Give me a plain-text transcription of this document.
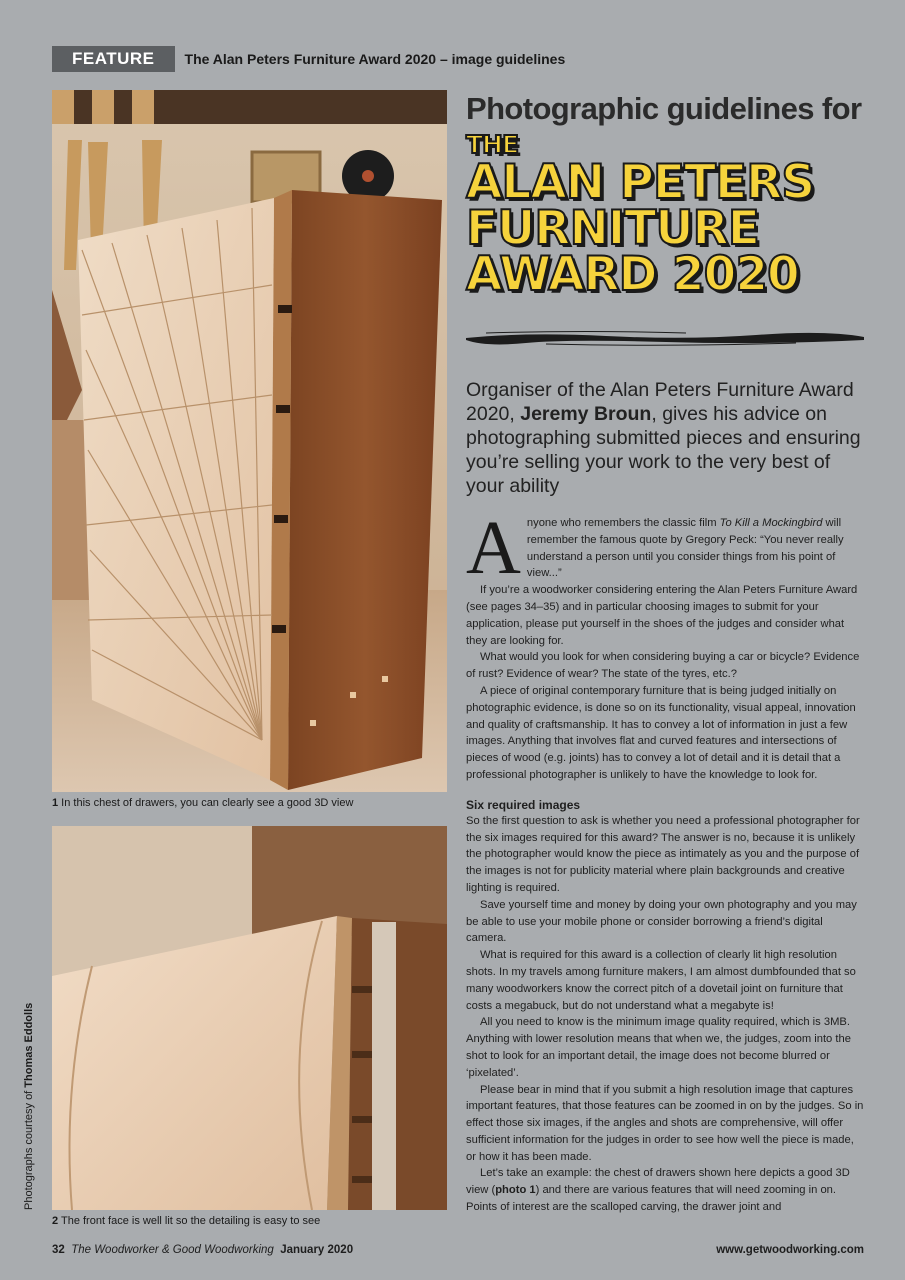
FEATURE	The Alan Peters Furniture Award 2020 – image guidelines
1 In this chest of drawers, you can clearly see a good 3D view
2 The front face is well lit so the detailing is easy to see
Photographs courtesy of Thomas Eddolls
Photographic guidelines for
THE
ALAN PETERS
FURNITURE
AWARD 2020
Organiser of the Alan Peters Furniture Award 2020, Jeremy Broun, gives his advice on photographing submitted pieces and ensuring you’re selling your work to the very best of your ability

Anyone who remembers the classic film To Kill a Mockingbird will remember the famous quote by Gregory Peck: “You never really understand a person until you consider things from his point of view...”

If you’re a woodworker considering entering the Alan Peters Furniture Award (see pages 34–35) and in particular choosing images to submit for your application, please put yourself in the shoes of the judges and consider what they are looking for.

What would you look for when considering buying a car or bicycle? Evidence of rust? Evidence of wear? The state of the tyres, etc.?

A piece of original contemporary furniture that is being judged initially on photographic evidence, is done so on its functionality, visual appeal, innovation and quality of craftsmanship. It has to convey a lot of information in just a few images. Anything that involves flat and curved features and intersections of pieces of wood (e.g. joints) has to convey a lot of detail and it is detail that a professional photographer is unlikely to have the knowledge to look for.

Six required images

So the first question to ask is whether you need a professional photographer for the six images required for this award? The answer is no, because it is unlikely the photographer would know the piece as intimately as you and the purpose of the images is not for publicity material where plain backgrounds and creative lighting is required.

Save yourself time and money by doing your own photography and you may be able to use your mobile phone or consider borrowing a friend’s digital camera.

What is required for this award is a collection of clearly lit high resolution shots. In my travels among furniture makers, I am almost dumbfounded that so many woodworkers know the correct pitch of a dovetail joint on furniture that costs a megabuck, but do not understand what a megabyte is!

All you need to know is the minimum image quality required, which is 3MB. Anything with lower resolution means that when we, the judges, zoom into the shot to look for an important detail, the image does not become blurred or ‘pixelated’.

Please bear in mind that if you submit a high resolution image that captures important features, that those features can be zoomed in on by the judges. So in effect those six images, if the angles and shots are comprehensive, will offer sufficient information for the judges in order to see how well the piece is made, or how it has been made.

Let’s take an example: the chest of drawers shown here depicts a good 3D view (photo 1) and there are various features that will need zooming in on. Points of interest are the scalloped carving, the drawer joint and

32 The Woodworker & Good Woodworking January 2020	www.getwoodworking.com
